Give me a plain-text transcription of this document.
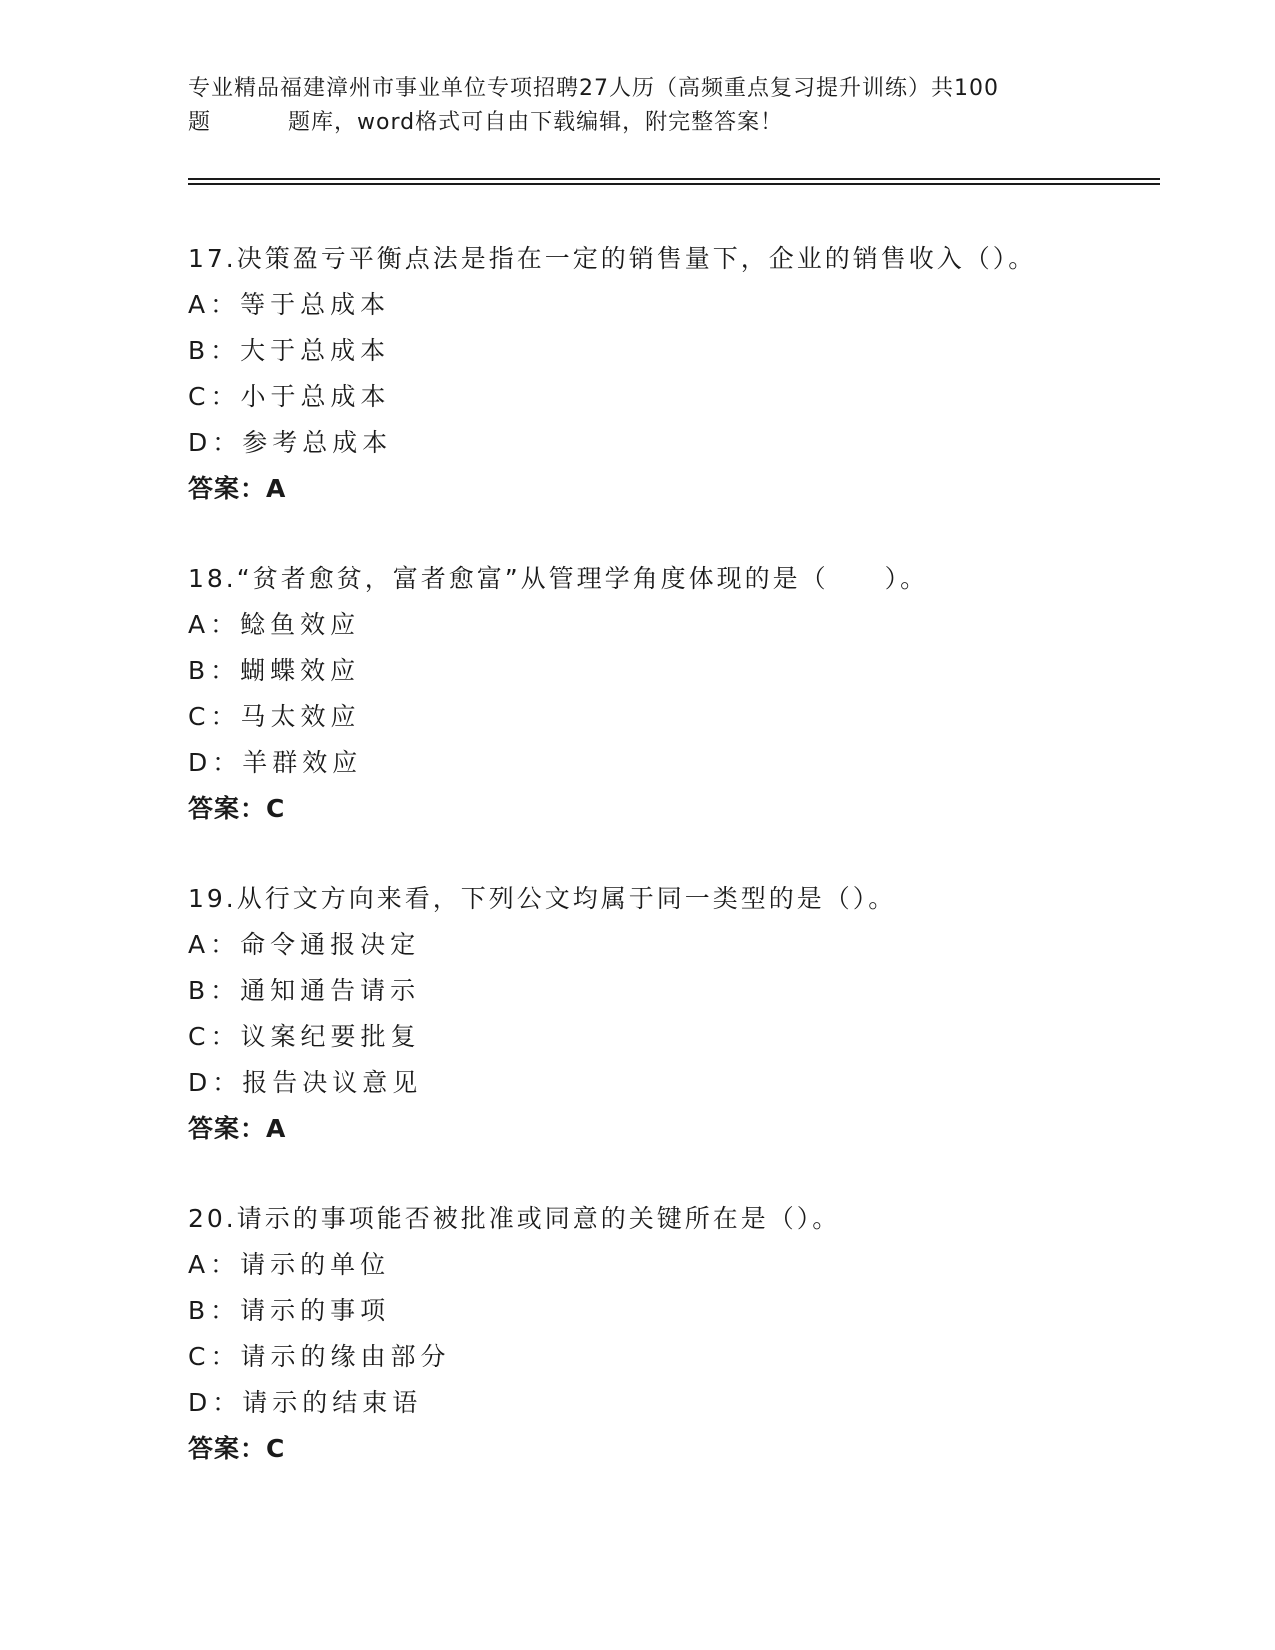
专业精品福建漳州市事业单位专项招聘27人历（高频重点复习提升训练）共100
题	题库，word格式可自由下载编辑，附完整答案！
17.决策盈亏平衡点法是指在一定的销售量下，企业的销售收入（）。
A：等于总成本
B：大于总成本
C：小于总成本
D：参考总成本
答案：A
18.“贫者愈贫，富者愈富”从管理学角度体现的是（　　）。
A：鲶鱼效应
B：蝴蝶效应
C：马太效应
D：羊群效应
答案：C
19.从行文方向来看，下列公文均属于同一类型的是（）。
A：命令通报决定
B：通知通告请示
C：议案纪要批复
D：报告决议意见
答案：A
20.请示的事项能否被批准或同意的关键所在是（）。
A：请示的单位
B：请示的事项
C：请示的缘由部分
D：请示的结束语
答案：C
